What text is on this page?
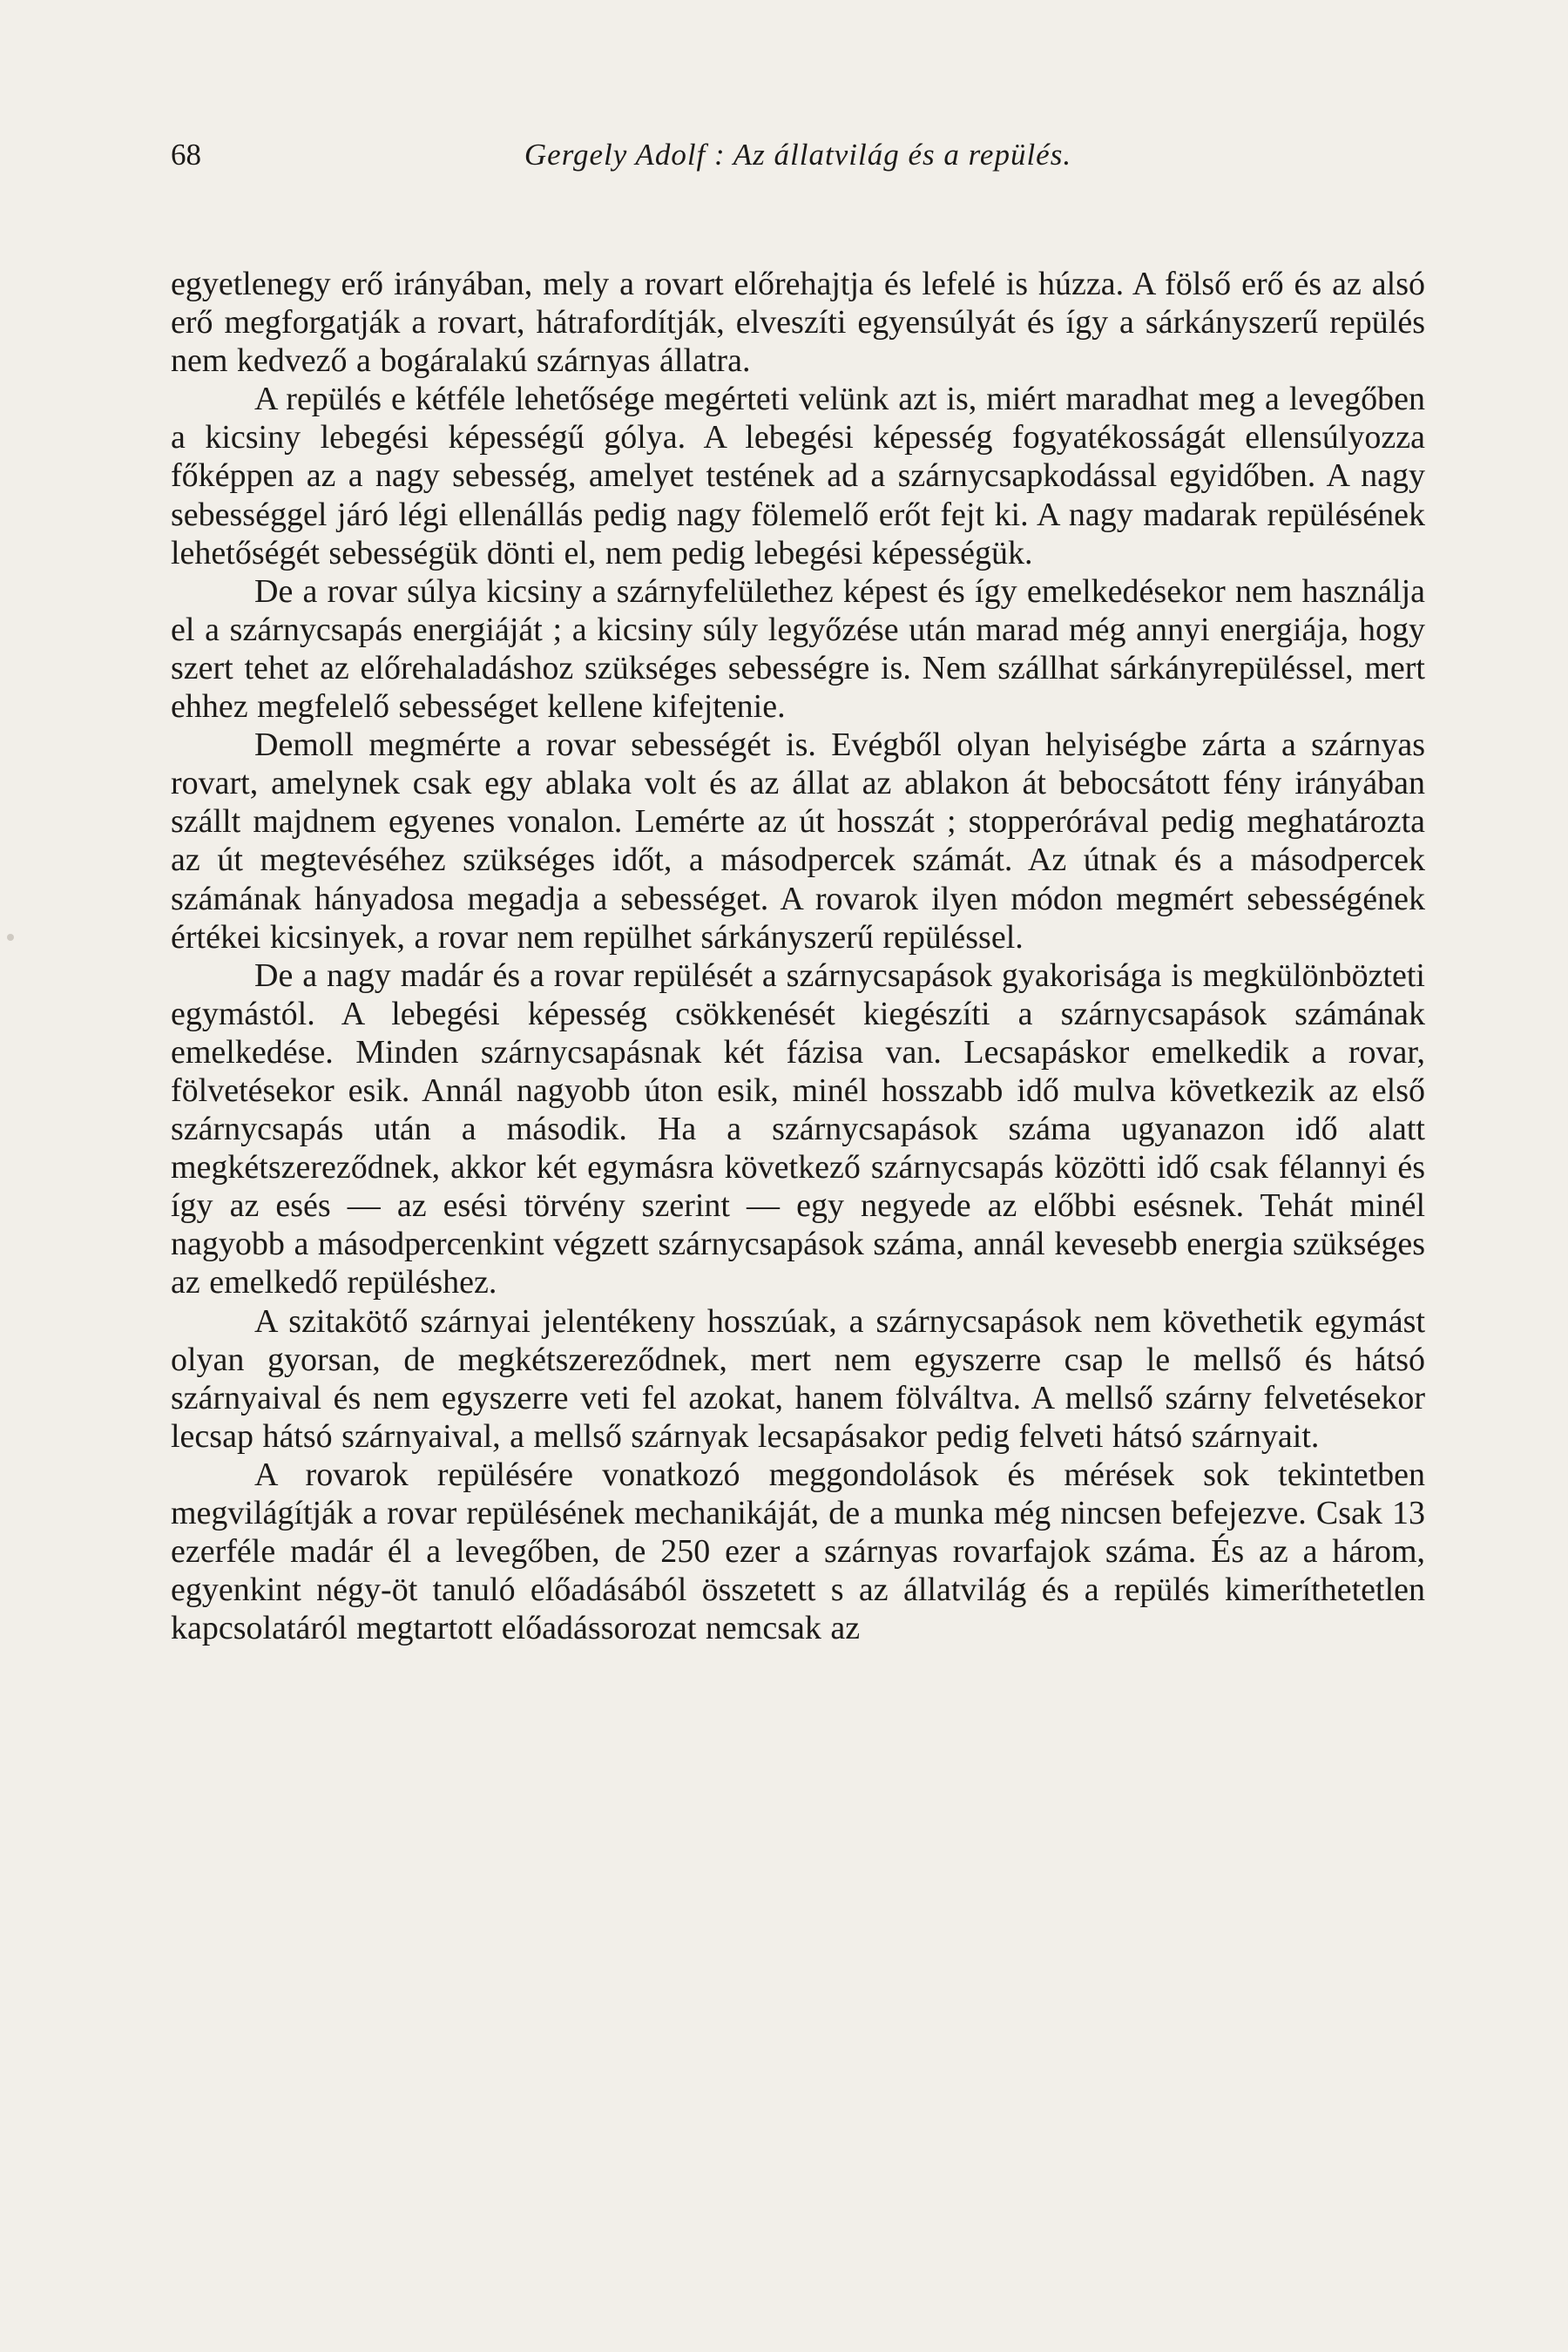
68	Gergely Adolf : Az állatvilág és a repülés.

egyetlenegy erő irányában, mely a rovart előrehajtja és lefelé is húzza. A fölső erő és az alsó erő megforgatják a rovart, hátrafordítják, elveszíti egyensúlyát és így a sárkányszerű repülés nem kedvező a bogáralakú szárnyas állatra.

A repülés e kétféle lehetősége megérteti velünk azt is, miért maradhat meg a levegőben a kicsiny lebegési képességű gólya. A lebegési képesség fogyatékosságát ellensúlyozza főképpen az a nagy sebesség, amelyet testének ad a szárnycsapkodással egyidőben. A nagy sebességgel járó légi ellenállás pedig nagy fölemelő erőt fejt ki. A nagy madarak repülésének lehetőségét sebességük dönti el, nem pedig lebegési képességük.

De a rovar súlya kicsiny a szárnyfelülethez képest és így emelkedésekor nem használja el a szárnycsapás energiáját ; a kicsiny súly legyőzése után marad még annyi energiája, hogy szert tehet az előrehaladáshoz szükséges sebességre is. Nem szállhat sárkányrepüléssel, mert ehhez megfelelő sebességet kellene kifejtenie.

Demoll megmérte a rovar sebességét is. Evégből olyan helyiségbe zárta a szárnyas rovart, amelynek csak egy ablaka volt és az állat az ablakon át bebocsátott fény irányában szállt majdnem egyenes vonalon. Lemérte az út hosszát ; stopperórával pedig meghatározta az út megtevéséhez szükséges időt, a másodpercek számát. Az útnak és a másodpercek számának hányadosa megadja a sebességet. A rovarok ilyen módon megmért sebességének értékei kicsinyek, a rovar nem repülhet sárkányszerű repüléssel.

De a nagy madár és a rovar repülését a szárnycsapások gyakorisága is megkülönbözteti egymástól. A lebegési képesség csökkenését kiegészíti a szárnycsapások számának emelkedése. Minden szárnycsapásnak két fázisa van. Lecsapáskor emelkedik a rovar, fölvetésekor esik. Annál nagyobb úton esik, minél hosszabb idő mulva következik az első szárnycsapás után a második. Ha a szárnycsapások száma ugyanazon idő alatt megkétszereződnek, akkor két egymásra következő szárnycsapás közötti idő csak félannyi és így az esés — az esési törvény szerint — egy negyede az előbbi esésnek. Tehát minél nagyobb a másodpercenkint végzett szárnycsapások száma, annál kevesebb energia szükséges az emelkedő repüléshez.

A szitakötő szárnyai jelentékeny hosszúak, a szárnycsapások nem követhetik egymást olyan gyorsan, de megkétszereződnek, mert nem egyszerre csap le mellső és hátsó szárnyaival és nem egyszerre veti fel azokat, hanem fölváltva. A mellső szárny felvetésekor lecsap hátsó szárnyaival, a mellső szárnyak lecsapásakor pedig felveti hátsó szárnyait.

A rovarok repülésére vonatkozó meggondolások és mérések sok tekintetben megvilágítják a rovar repülésének mechanikáját, de a munka még nincsen befejezve. Csak 13 ezerféle madár él a levegőben, de 250 ezer a szárnyas rovarfajok száma. És az a három, egyenkint négy-öt tanuló előadásából összetett s az állatvilág és a repülés kimeríthetetlen kapcsolatáról megtartott előadássorozat nemcsak az
